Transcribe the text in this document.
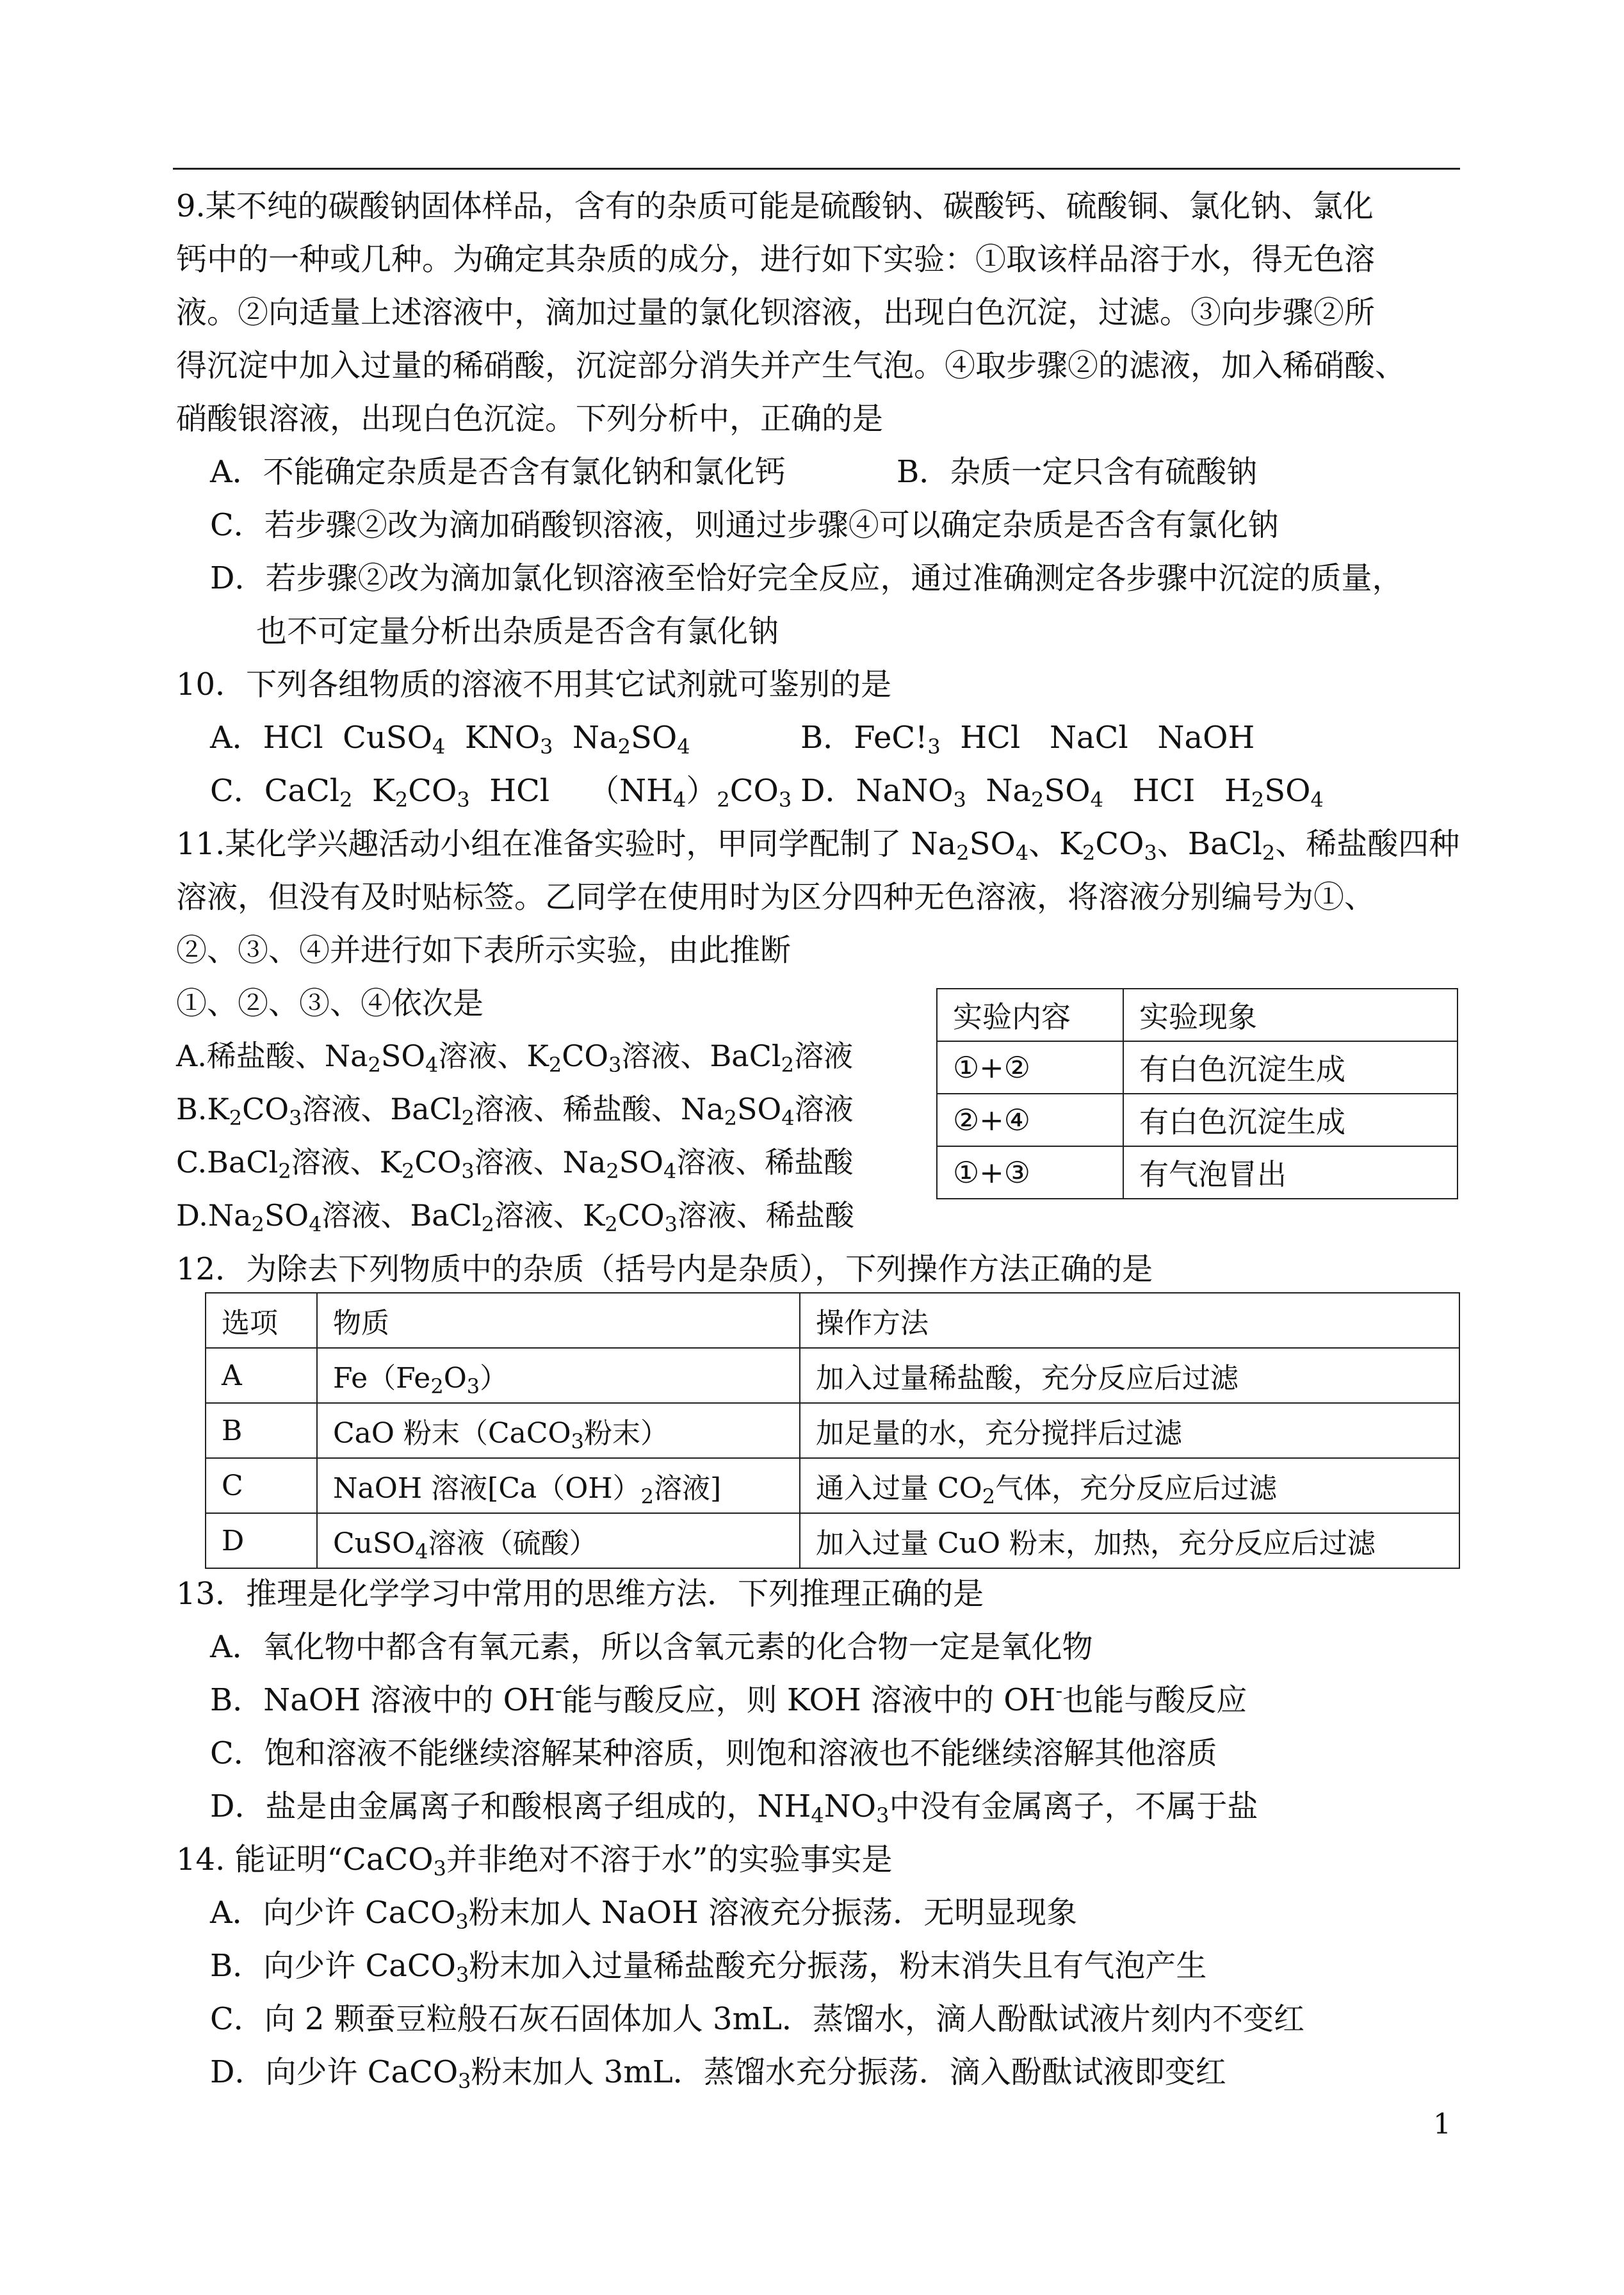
9.某不纯的碳酸钠固体样品，含有的杂质可能是硫酸钠、碳酸钙、硫酸铜、氯化钠、氯化
钙中的一种或几种。为确定其杂质的成分，进行如下实验：①取该样品溶于水，得无色溶
液。②向适量上述溶液中，滴加过量的氯化钡溶液，出现白色沉淀，过滤。③向步骤②所
得沉淀中加入过量的稀硝酸，沉淀部分消失并产生气泡。④取步骤②的滤液，加入稀硝酸、
硝酸银溶液，出现白色沉淀。下列分析中，正确的是
A．不能确定杂质是否含有氯化钠和氯化钙	B．杂质一定只含有硫酸钠
C．若步骤②改为滴加硝酸钡溶液，则通过步骤④可以确定杂质是否含有氯化钠
D．若步骤②改为滴加氯化钡溶液至恰好完全反应，通过准确测定各步骤中沉淀的质量，
也不可定量分析出杂质是否含有氯化钠
10．下列各组物质的溶液不用其它试剂就可鉴别的是
A．HCl CuSO$_4$ $KNO_3$ $Na_2SO_4$	B．$FeC!_3$ HCl NaCl NaOH
C．CaCl$_2$ $K_2CO_3$ HCl $(NH_4)_2CO_3$ D．NaNO$_3$ $Na_2SO_4$ HCI $H_2SO_4$
11.某化学兴趣活动小组在准备实验时，甲同学配制了 $Na_2SO_4$、$K_2CO_3$、BaCl$_2$、稀盐酸四种
溶液，但没有及时贴标签。乙同学在使用时为区分四种无色溶液，将溶液分别编号为①、
②、③、④并进行如下表所示实验，由此推断
①、②、③、④依次是
A.稀盐酸、$Na_2SO_4$溶液、$K_2CO_3$溶液、BaCl$_2$溶液
$B.K_2CO_3$溶液、BaCl$_2$溶液、稀盐酸、$Na_2SO_4$溶液
C.BaCl$_2$溶液、$K_2CO_3$溶液、$Na_2SO_4$溶液、稀盐酸
$D.Na_2SO_4$溶液、BaCl$_2$溶液、$K_2CO_3$溶液、稀盐酸
实验内容	实验现象
①+②	有白色沉淀生成
②+④	有白色沉淀生成
①+③	有气泡冒出
12．为除去下列物质中的杂质（括号内是杂质），下列操作方法正确的是
选项	物质	操作方法
A	$Fe(Fe_2O_3)$	加入过量稀盐酸，充分反应后过滤
B	CaO 粉末（CaCO$_3$粉末）	加足量的水，充分搅拌后过滤
C	NaOH 溶液[$Ca(OH)_2$溶液]	通入过量 $CO_2$气体，充分反应后过滤
D	CuSO$_4$溶液（硫酸）	加入过量 CuO 粉末，加热，充分反应后过滤
13．推理是化学学习中常用的思维方法．下列推理正确的是
A．氧化物中都含有氧元素，所以含氧元素的化合物一定是氧化物
B．NaOH 溶液中的 OH-能与酸反应，则 KOH 溶液中的 OH-也能与酸反应
C．饱和溶液不能继续溶解某种溶质，则饱和溶液也不能继续溶解其他溶质
D．盐是由金属离子和酸根离子组成的，$NH_4NO_3$中没有金属离子，不属于盐
14. 能证明“CaCO$_3$并非绝对不溶于水”的实验事实是
A．向少许 CaCO$_3$粉末加人 NaOH 溶液充分振荡．无明显现象
B．向少许 CaCO$_3$粉末加入过量稀盐酸充分振荡，粉末消失且有气泡产生
C．向 2 颗蚕豆粒般石灰石固体加人 3mL．蒸馏水，滴人酚酞试液片刻内不变红
D．向少许 CaCO$_3$粉末加人 3mL．蒸馏水充分振荡．滴入酚酞试液即变红
1
